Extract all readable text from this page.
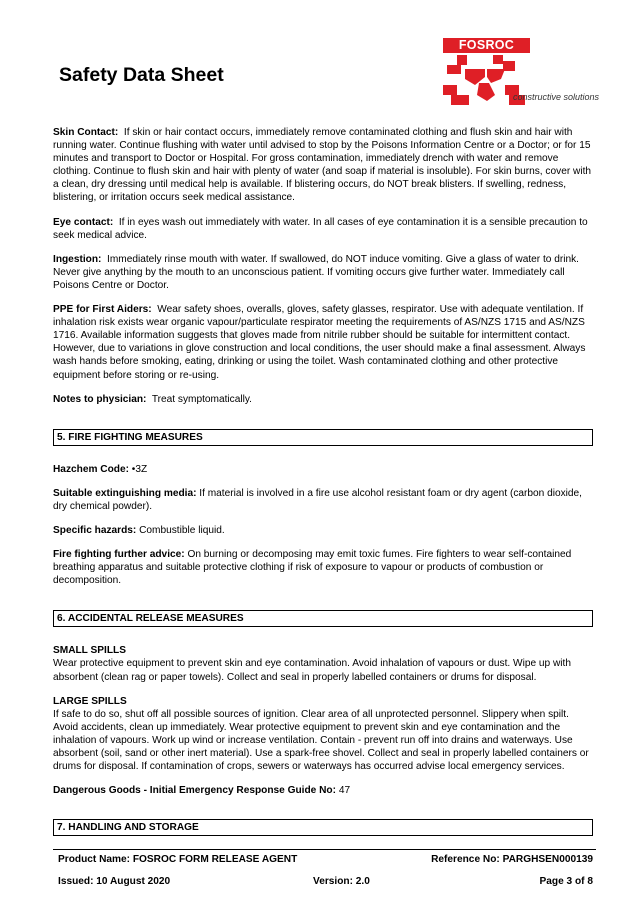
Safety Data Sheet
FOSROC
constructive solutions

Skin Contact: If skin or hair contact occurs, immediately remove contaminated clothing and flush skin and hair with running water. Continue flushing with water until advised to stop by the Poisons Information Centre or a Doctor; or for 15 minutes and transport to Doctor or Hospital. For gross contamination, immediately drench with water and remove clothing. Continue to flush skin and hair with plenty of water (and soap if material is insoluble). For skin burns, cover with a clean, dry dressing until medical help is available. If blistering occurs, do NOT break blisters. If swelling, redness, blistering, or irritation occurs seek medical assistance.

Eye contact: If in eyes wash out immediately with water. In all cases of eye contamination it is a sensible precaution to seek medical advice.

Ingestion: Immediately rinse mouth with water. If swallowed, do NOT induce vomiting. Give a glass of water to drink. Never give anything by the mouth to an unconscious patient. If vomiting occurs give further water. Immediately call Poisons Centre or Doctor.

PPE for First Aiders: Wear safety shoes, overalls, gloves, safety glasses, respirator. Use with adequate ventilation. If inhalation risk exists wear organic vapour/particulate respirator meeting the requirements of AS/NZS 1715 and AS/NZS 1716. Available information suggests that gloves made from nitrile rubber should be suitable for intermittent contact. However, due to variations in glove construction and local conditions, the user should make a final assessment. Always wash hands before smoking, eating, drinking or using the toilet. Wash contaminated clothing and other protective equipment before storing or re-using.

Notes to physician: Treat symptomatically.

5. FIRE FIGHTING MEASURES

Hazchem Code: •3Z

Suitable extinguishing media: If material is involved in a fire use alcohol resistant foam or dry agent (carbon dioxide, dry chemical powder).

Specific hazards: Combustible liquid.

Fire fighting further advice: On burning or decomposing may emit toxic fumes. Fire fighters to wear self-contained breathing apparatus and suitable protective clothing if risk of exposure to vapour or products of combustion or decomposition.

6. ACCIDENTAL RELEASE MEASURES

SMALL SPILLS

Wear protective equipment to prevent skin and eye contamination. Avoid inhalation of vapours or dust. Wipe up with absorbent (clean rag or paper towels). Collect and seal in properly labelled containers or drums for disposal.

LARGE SPILLS

If safe to do so, shut off all possible sources of ignition. Clear area of all unprotected personnel. Slippery when spilt. Avoid accidents, clean up immediately. Wear protective equipment to prevent skin and eye contamination and the inhalation of vapours. Work up wind or increase ventilation. Contain - prevent run off into drains and waterways. Use absorbent (soil, sand or other inert material). Use a spark-free shovel. Collect and seal in properly labelled containers or drums for disposal. If contamination of crops, sewers or waterways has occurred advise local emergency services.

Dangerous Goods - Initial Emergency Response Guide No: 47

7. HANDLING AND STORAGE
Product Name: FOSROC FORM RELEASE AGENT	Reference No: PARGHSEN000139
Issued: 10 August 2020	Version: 2.0	Page 3 of 8
